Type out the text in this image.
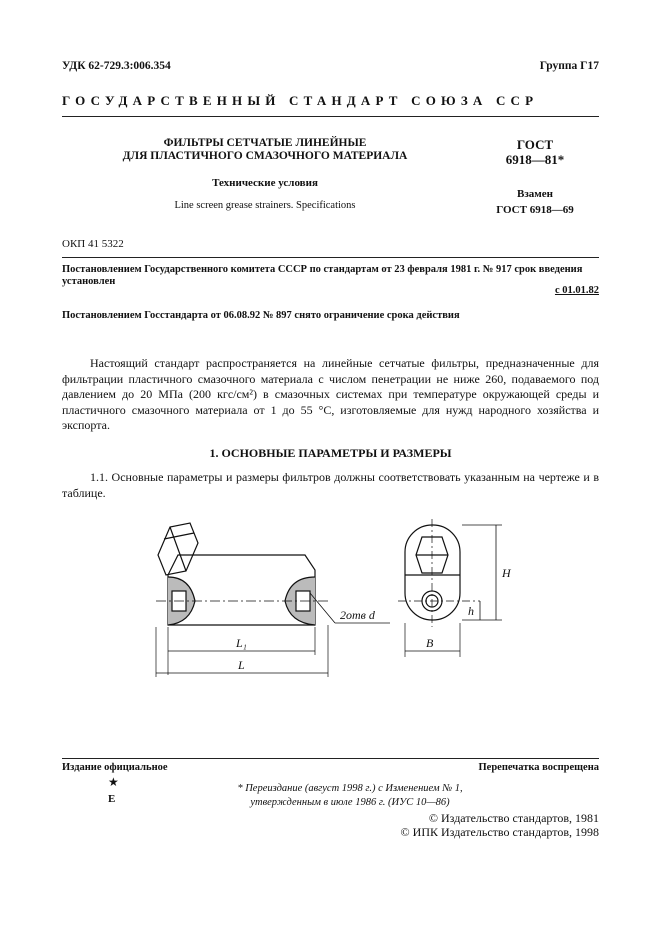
УДК 62-729.3:006.354	Группа Г17
ГОСУДАРСТВЕННЫЙ СТАНДАРТ СОЮЗА ССР
ФИЛЬТРЫ СЕТЧАТЫЕ ЛИНЕЙНЫЕ
ДЛЯ ПЛАСТИЧНОГО СМАЗОЧНОГО МАТЕРИАЛА
Технические условия
Line screen grease strainers. Specifications
ГОСТ
6918—81*
Взамен
ГОСТ 6918—69
ОКП 41 5322
Постановлением Государственного комитета СССР по стандартам от 23 февраля 1981 г. № 917 срок введения установлен
с 01.01.82
Постановлением Госстандарта от 06.08.92 № 897 снято ограничение срока действия
Настоящий стандарт распространяется на линейные сетчатые фильтры, предназначенные для фильтрации пластичного смазочного материала с числом пенетрации не ниже 260, подаваемого под давлением до 20 МПа (200 кгс/см²) в смазочных системах при температуре окружающей среды и пластичного смазочного материала от 1 до 55 °С, изготовляемые для нужд народного хозяйства и экспорта.
1. ОСНОВНЫЕ ПАРАМЕТРЫ И РАЗМЕРЫ
1.1. Основные параметры и размеры фильтров должны соответствовать указанным на чертеже и в таблице.
2отв d
L₁
L
B
H
h
Издание официальное	Перепечатка воспрещена
★
Е
* Переиздание (август 1998 г.) с Изменением № 1,
утвержденным в июле 1986 г. (ИУС 10—86)
© Издательство стандартов, 1981
© ИПК Издательство стандартов, 1998
